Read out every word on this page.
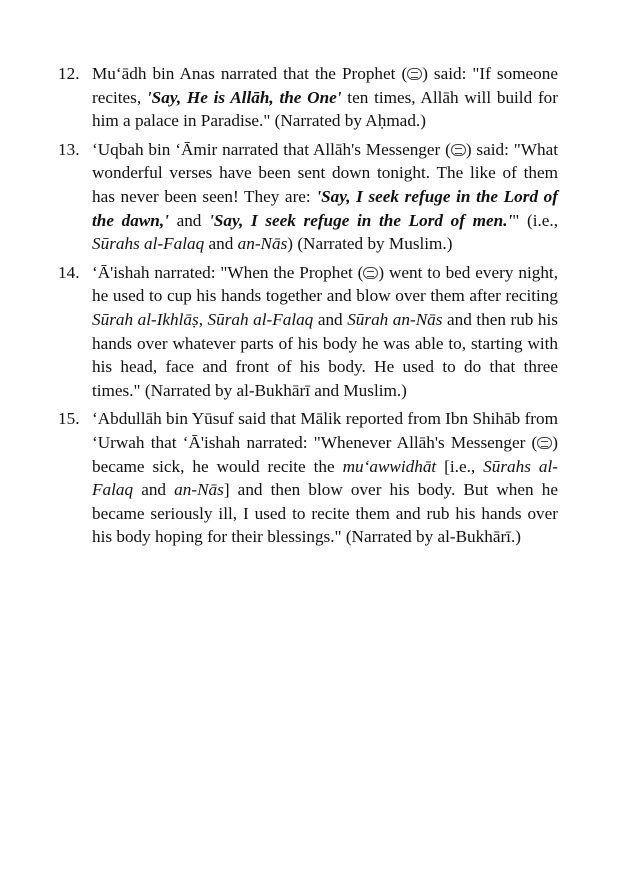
12. Muʻādh bin Anas narrated that the Prophet ( ) said: "If someone recites, 'Say, He is Allāh, the One' ten times, Allāh will build for him a palace in Paradise." (Narrated by Aḥmad.)
13. ʻUqbah bin ʻĀmir narrated that Allāh's Messenger ( ) said: "What wonderful verses have been sent down tonight. The like of them has never been seen! They are: 'Say, I seek refuge in the Lord of the dawn,' and 'Say, I seek refuge in the Lord of men.'" (i.e., Sūrahs al-Falaq and an-Nās) (Narrated by Muslim.)
14. ʻĀ'ishah narrated: "When the Prophet ( ) went to bed every night, he used to cup his hands together and blow over them after reciting Sūrah al-Ikhlāṣ, Sūrah al-Falaq and Sūrah an-Nās and then rub his hands over whatever parts of his body he was able to, starting with his head, face and front of his body. He used to do that three times." (Narrated by al-Bukhārī and Muslim.)
15. ʻAbdullāh bin Yūsuf said that Mālik reported from Ibn Shihāb from ʻUrwah that ʻĀ'ishah narrated: "Whenever Allāh's Messenger ( ) became sick, he would recite the muʻawwidhāt [i.e., Sūrahs al-Falaq and an-Nās] and then blow over his body. But when he became seriously ill, I used to recite them and rub his hands over his body hoping for their blessings." (Narrated by al-Bukhārī.)
